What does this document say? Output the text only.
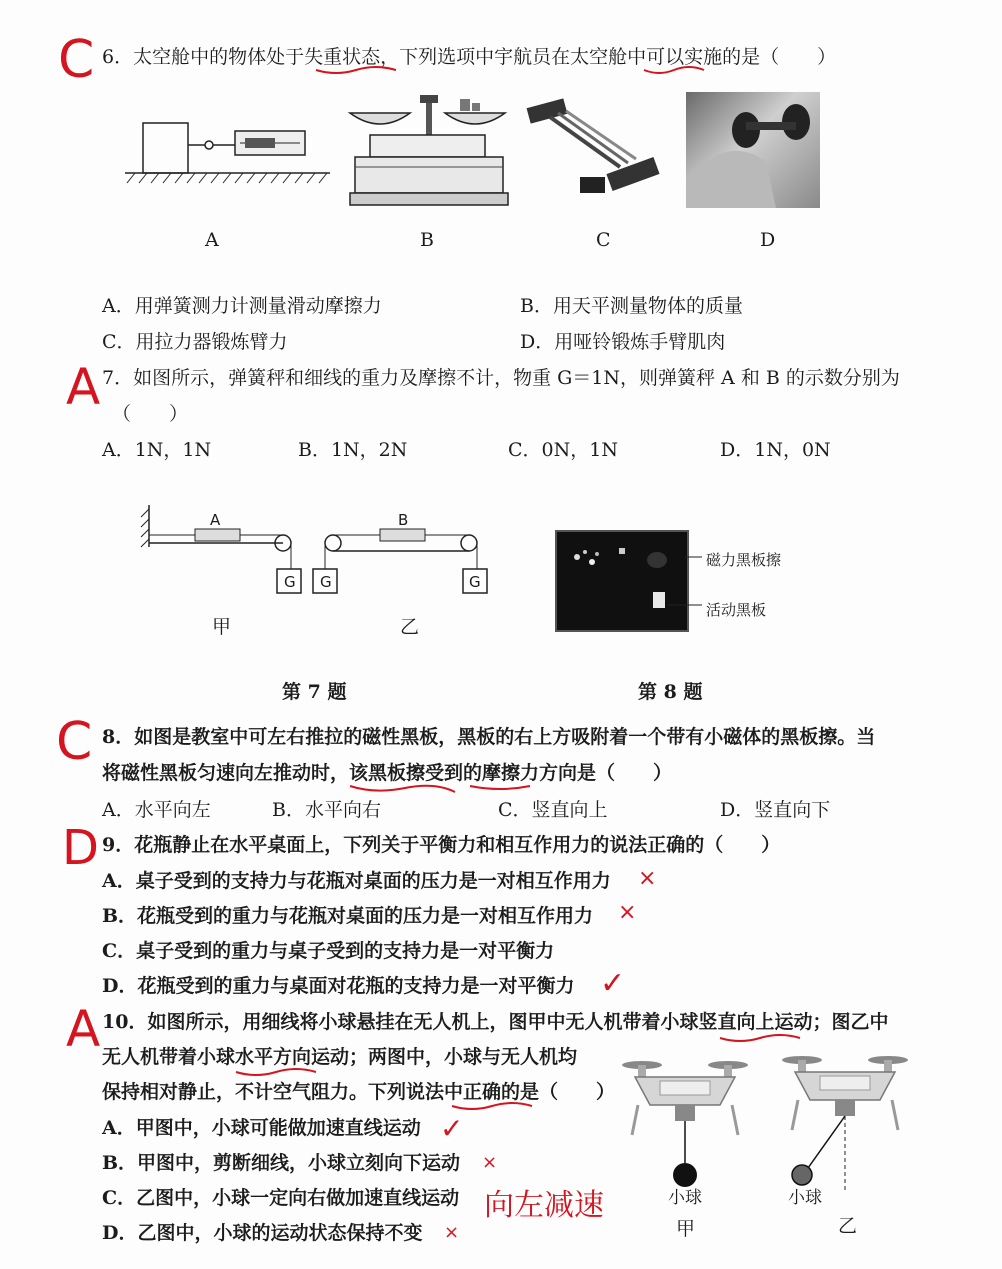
C 6．太空舱中的物体处于失重状态，下列选项中宇航员在太空舱中可以实施的是（　　）
A	B	C	D
A．用弹簧测力计测量滑动摩擦力	B．用天平测量物体的质量
C．用拉力器锻炼臂力	D．用哑铃锻炼手臂肌肉
A 7．如图所示，弹簧秤和细线的重力及摩擦不计，物重 G＝1N，则弹簧秤 A 和 B 的示数分别为
（　　）
A．1N，1N	B．1N，2N	C．0N，1N	D．1N，0N
A	B
G G	G
甲	乙
磁力黑板擦
活动黑板
第 7 题	第 8 题
C 8．如图是教室中可左右推拉的磁性黑板，黑板的右上方吸附着一个带有小磁体的黑板擦。当
将磁性黑板匀速向左推动时，该黑板擦受到的摩擦力方向是（　　）
A．水平向左	B．水平向右	C．竖直向上	D．竖直向下
D 9．花瓶静止在水平桌面上，下列关于平衡力和相互作用力的说法正确的（　　）
A．桌子受到的支持力与花瓶对桌面的压力是一对相互作用力 ×
B．花瓶受到的重力与花瓶对桌面的压力是一对相互作用力 ×
C．桌子受到的重力与桌子受到的支持力是一对平衡力
D．花瓶受到的重力与桌面对花瓶的支持力是一对平衡力 ✓
A 10．如图所示，用细线将小球悬挂在无人机上，图甲中无人机带着小球竖直向上运动；图乙中
无人机带着小球水平方向运动；两图中，小球与无人机均
保持相对静止，不计空气阻力。下列说法中正确的是（　　）
A．甲图中，小球可能做加速直线运动 ✓
B．甲图中，剪断细线，小球立刻向下运动 ×
C．乙图中，小球一定向右做加速直线运动 向左减速
D．乙图中，小球的运动状态保持不变 ×
小球	小球
甲	乙
